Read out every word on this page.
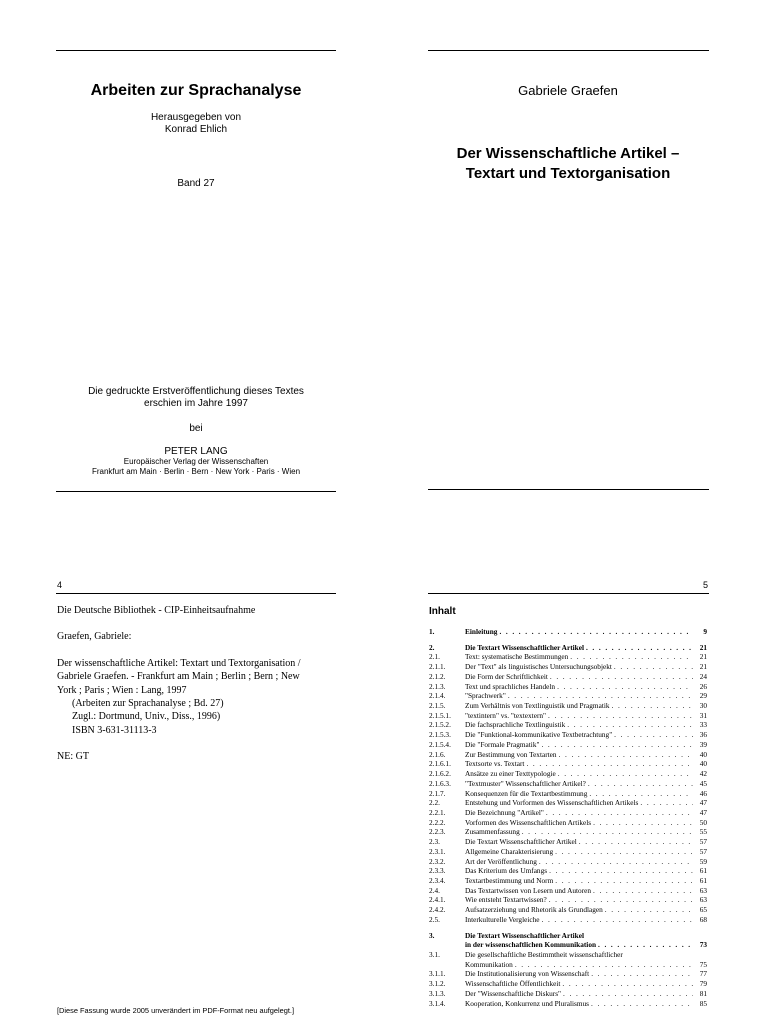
Arbeiten zur Sprachanalyse
Herausgegeben von
Konrad Ehlich
Band 27
Die gedruckte Erstveröffentlichung dieses Textes
erschien im Jahre 1997
bei
PETER LANG
Europäischer Verlag der Wissenschaften
Frankfurt am Main · Berlin · Bern · New York · Paris · Wien
Gabriele Graefen
Der Wissenschaftliche Artikel –
Textart und Textorganisation
4
Die Deutsche Bibliothek - CIP-Einheitsaufnahme
Graefen, Gabriele:
Der wissenschaftliche Artikel: Textart und Textorganisation /
Gabriele Graefen. - Frankfurt am Main ; Berlin ; Bern ; New
York ; Paris ; Wien : Lang, 1997
(Arbeiten zur Sprachanalyse ; Bd. 27)
Zugl.: Dortmund, Univ., Diss., 1996)
ISBN 3-631-31113-3
NE: GT
[Diese Fassung wurde 2005 unverändert im PDF-Format neu aufgelegt.]
5
Inhalt
1.	Einleitung . . .	9
2.	Die Textart Wissenschaftlicher Artikel . . .	21
2.1.	Text: systematische Bestimmungen . . .	21
2.1.1.	Der "Text" als linguistisches Untersuchungsobjekt . . .	21
2.1.2.	Die Form der Schriftlichkeit . . .	24
2.1.3.	Text und sprachliches Handeln . . .	26
2.1.4.	"Sprachwerk" . . .	29
2.1.5.	Zum Verhältnis von Textlinguistik und Pragmatik . . .	30
2.1.5.1.	"textintern" vs. "textextern" . . .	31
2.1.5.2.	Die fachsprachliche Textlinguistik . . .	33
2.1.5.3.	Die "Funktional-kommunikative Textbetrachtung" . . .	36
2.1.5.4.	Die "Formale Pragmatik" . . .	39
2.1.6.	Zur Bestimmung von Textarten . . .	40
2.1.6.1.	Textsorte vs. Textart . . .	40
2.1.6.2.	Ansätze zu einer Texttypologie . . .	42
2.1.6.3.	"Textmuster" Wissenschaftlicher Artikel? . . .	45
2.1.7.	Konsequenzen für die Textartbestimmung . . .	46
2.2.	Entstehung und Vorformen des Wissenschaftlichen Artikels . . .	47
2.2.1.	Die Bezeichnung "Artikel" . . .	47
2.2.2.	Vorformen des Wissenschaftlichen Artikels . . .	50
2.2.3.	Zusammenfassung . . .	55
2.3.	Die Textart Wissenschaftlicher Artikel . . .	57
2.3.1.	Allgemeine Charakterisierung . . .	57
2.3.2.	Art der Veröffentlichung . . .	59
2.3.3.	Das Kriterium des Umfangs . . .	61
2.3.4.	Textartbestimmung und Norm . . .	61
2.4.	Das Textartwissen von Lesern und Autoren . . .	63
2.4.1.	Wie entsteht Textartwissen? . . .	63
2.4.2.	Aufsatzerziehung und Rhetorik als Grundlagen . . .	65
2.5.	Interkulturelle Vergleiche . . .	68
3.	Die Textart Wissenschaftlicher Artikel
in der wissenschaftlichen Kommunikation . . .	73
3.1.	Die gesellschaftliche Bestimmtheit wissenschaftlicher
Kommunikation . . .	75
3.1.1.	Die Institutionalisierung von Wissenschaft . . .	77
3.1.2.	Wissenschaftliche Öffentlichkeit . . .	79
3.1.3.	Der "Wissenschaftliche Diskurs" . . .	81
3.1.4.	Kooperation, Konkurrenz und Pluralismus . . .	85
